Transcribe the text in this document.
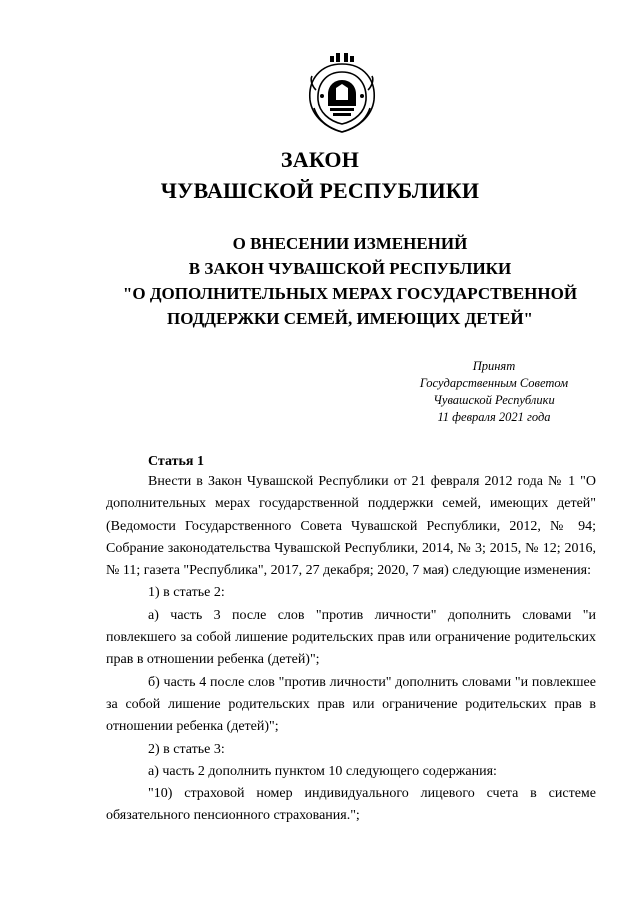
ЗАКОН
ЧУВАШСКОЙ РЕСПУБЛИКИ
О ВНЕСЕНИИ ИЗМЕНЕНИЙ
В ЗАКОН ЧУВАШСКОЙ РЕСПУБЛИКИ
"О ДОПОЛНИТЕЛЬНЫХ МЕРАХ ГОСУДАРСТВЕННОЙ
ПОДДЕРЖКИ СЕМЕЙ, ИМЕЮЩИХ ДЕТЕЙ"
Принят
Государственным Советом
Чувашской Республики
11 февраля 2021 года
Статья 1

Внести в Закон Чувашской Республики от 21 февраля 2012 года № 1 "О дополнительных мерах государственной поддержки семей, имеющих детей" (Ведомости Государственного Совета Чувашской Республики, 2012, № 94; Собрание законодательства Чувашской Республики, 2014, № 3; 2015, № 12; 2016, № 11; газета "Республика", 2017, 27 декабря; 2020, 7 мая) следующие изменения:

1) в статье 2:

а) часть 3 после слов "против личности" дополнить словами "и повлекшего за собой лишение родительских прав или ограничение родительских прав в отношении ребенка (детей)";

б) часть 4 после слов "против личности" дополнить словами "и повлекшее за собой лишение родительских прав или ограничение родительских прав в отношении ребенка (детей)";

2) в статье 3:

а) часть 2 дополнить пунктом 10 следующего содержания:

"10) страховой номер индивидуального лицевого счета в системе обязательного пенсионного страхования.";
